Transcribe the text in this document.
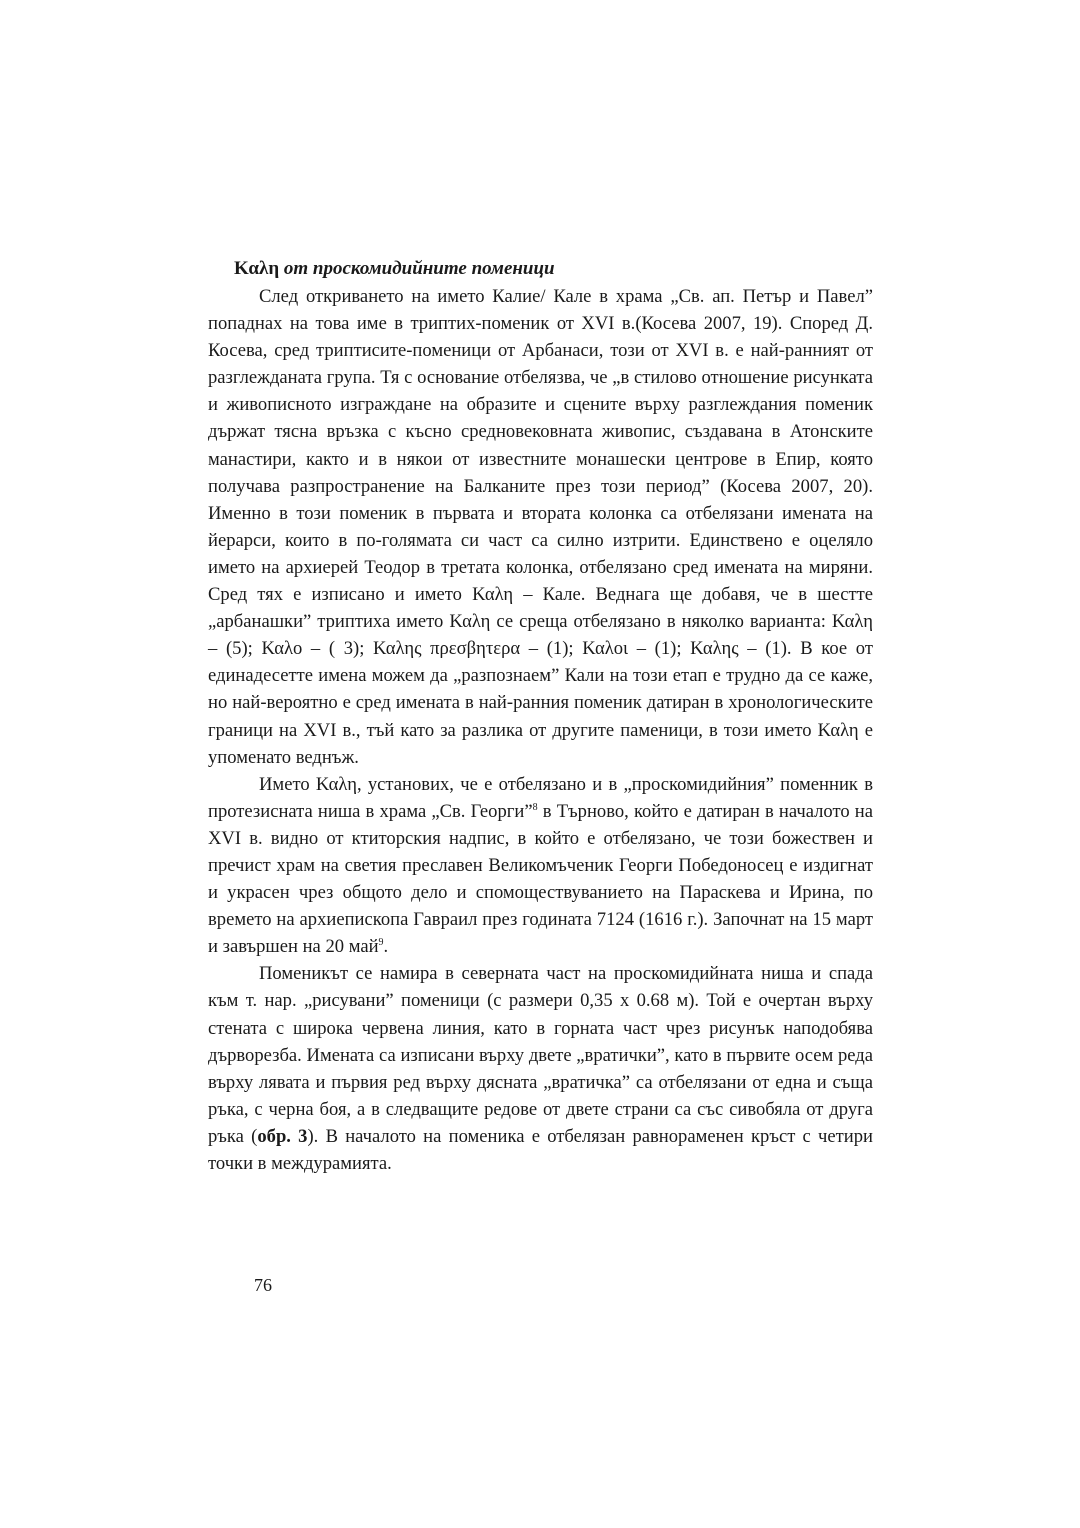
Καλη от проскомидийните поменици

След откриването на името Калие/ Кале в храма „Св. ап. Петър и Павел” попаднах на това име в триптих-поменик от XVI в.(Косева 2007, 19). Според Д. Косева, сред триптисите-поменици от Арбанаси, този от XVI в. е най-ранният от разглежданата група. Тя с основание отбелязва, че „в стилово отношение рисунката и живописното изграждане на образите и сцените върху разглеждания поменик държат тясна връзка с късно средновековната живопис, създавана в Атонските манастири, както и в някои от известните монашески центрове в Епир, която получава разпространение на Балканите през този период” (Косева 2007, 20). Именно в този поменик в първата и втората колонка са отбелязани имената на йерарси, които в по-голямата си част са силно изтрити. Единствено е оцеляло името на архиерей Теодор в третата колонка, отбелязано сред имената на миряни. Сред тях е изписано и името Καλη – Кале. Веднага ще добавя, че в шестте „арбанашки” триптиха името Καλη се среща отбелязано в няколко варианта: Καλη – (5); Καλο – ( 3); Καλης πρεσβητερα – (1); Καλοι – (1); Καλης – (1). В кое от единадесетте имена можем да „разпознаем” Кали на този етап е трудно да се каже, но най-вероятно е сред имената в най-ранния поменик датиран в хронологическите граници на XVI в., тъй като за разлика от другите паменици, в този името Καλη е упоменато веднъж.

Името Καλη, установих, че е отбелязано и в „проскомидийния” поменник в протезисната ниша в храма „Св. Георги”$^8$ в Търново, който е датиран в началото на XVI в. видно от ктиторския надпис, в който е отбелязано, че този божествен и пречист храм на светия преславен Великомъченик Георги Победоносец е издигнат и украсен чрез общото дело и спомоществуванието на Параскева и Ирина, по времето на архиепископа Гавраил през годината 7124 (1616 г.). Започнат на 15 март и завършен на 20 май$^9$.

Поменикът се намира в северната част на проскомидийната ниша и спада към т. нар. „рисувани” поменици (с размери 0,35 х 0.68 м). Той е очертан върху стената с широка червена линия, като в горната част чрез рисунък наподобява дърворезба. Имената са изписани върху двете „вратички”, като в първите осем реда върху лявата и първия ред върху дясната „вратичка” са отбелязани от една и съща ръка, с черна боя, а в следващите редове от двете страни са със сивобяла от друга ръка (обр. 3). В началото на поменика е отбелязан равнораменен кръст с четири точки в междурамията.

76
